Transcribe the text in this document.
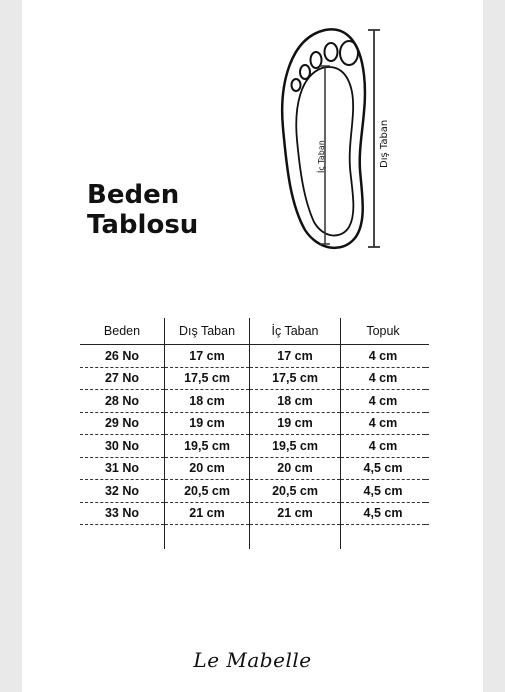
Beden
Tablosu
İç Taban	Dış Taban
Beden	Dış Taban	İç Taban	Topuk	
26 No	17 cm	17 cm	4 cm	
27 No	17,5 cm	17,5 cm	4 cm	
28 No	18 cm	18 cm	4 cm	
29 No	19 cm	19 cm	4 cm	
30 No	19,5 cm	19,5 cm	4 cm	
31 No	20 cm	20 cm	4,5 cm	
32 No	20,5 cm	20,5 cm	4,5 cm	
33 No	21 cm	21 cm	4,5 cm	

Le Mabelle
